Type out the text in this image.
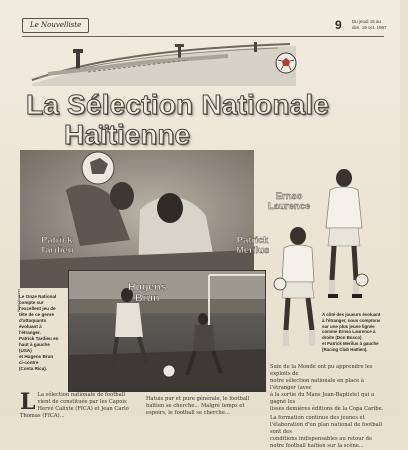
Le Nouvelliste	9 Du jeudi 16 au
dim. 19 oct. 1997
La Sélection Nationale
Haïtienne
Patrick
Tardieu
Hugens
Brun
Photo Archives
Le Onze National
compte sur
l'excellent jeu de
tête de ce genre
d'attaquants
évoluant à
l'étranger.
Patrick Tardieu en
haut à gauche
(USA)
et Hugens Brun
ci-contre
(Costa Rica).
Ernso
Laurence
Patrick
Merilus
A côté des joueurs évoluant
à l'étranger, nous comptons
sur une plus jeune lignée
comme Ernso Laurence à
droite (Don Bosco)
et Patrick Merilus à gauche
(Racing Club Haïtien).
L La sélection nationale de football vient de constituée par les Capois Hervé Calixte (FICA) et Jean Carlo Thomas (FICA)...
Hatuis pur et pure générale, le football haïtien se cherche... Malgré temps et espoirs, le football se cherche...
Suie de la Monde ont pu apprendre les exploits de
notre sélection nationale en place à l'étranger (avec
à la sortie du Mans Jean-Baptiste) qui a gagné les
lisses demières éditions de la Copa Caribe.
La formation continue des jeunes et
l'élaboration d'un plan national de football sont des
conditions indispensables au retour de
notre football haïtien sur la scène...
